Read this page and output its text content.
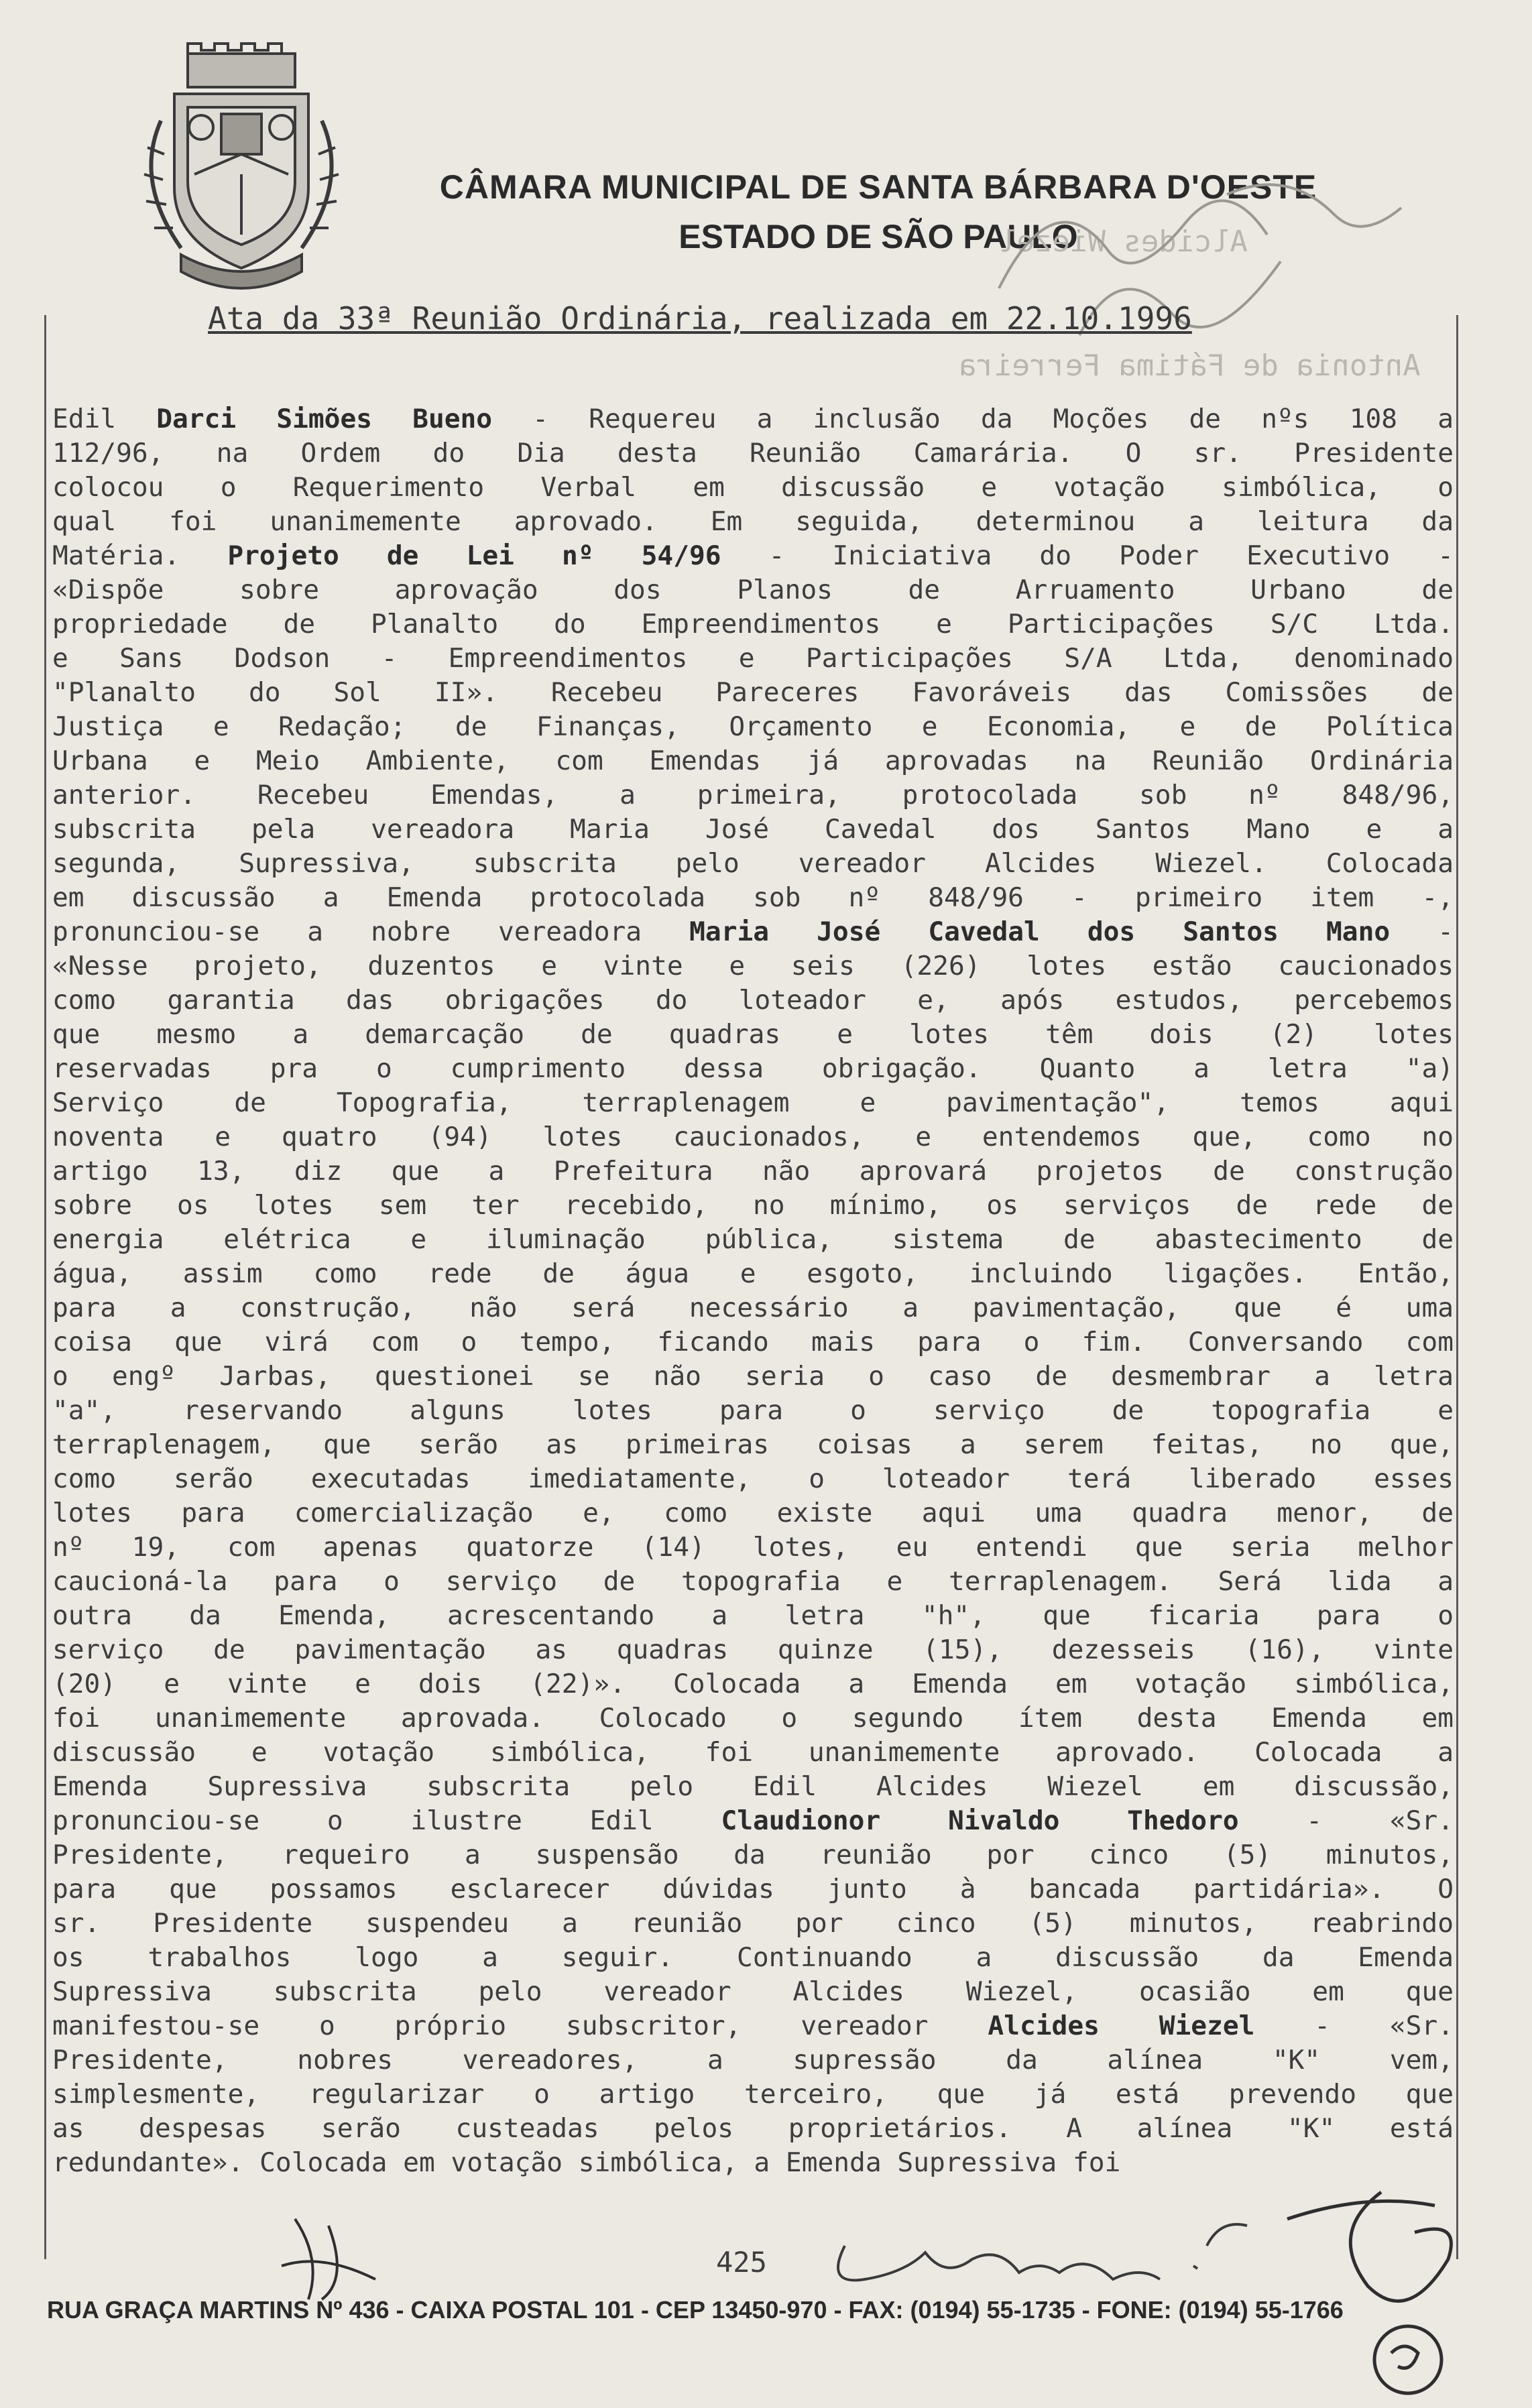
CÂMARA MUNICIPAL DE SANTA BÁRBARA D'OESTE
ESTADO DE SÃO PAULO
Alcides Wiezel
Antonia de Fátima Ferreira
Ata da 33ª Reunião Ordinária, realizada em 22.10.1996
Edil Darci Simões Bueno - Requereu a inclusão da Moções de nºs 108 a
112/96, na Ordem do Dia desta Reunião Camarária. O sr. Presidente
colocou o Requerimento Verbal em discussão e votação simbólica, o
qual foi unanimemente aprovado. Em seguida, determinou a leitura da
Matéria. Projeto de Lei nº 54/96 - Iniciativa do Poder Executivo -
«Dispõe sobre aprovação dos Planos de Arruamento Urbano de
propriedade de Planalto do Empreendimentos e Participações S/C Ltda.
e Sans Dodson - Empreendimentos e Participações S/A Ltda, denominado
"Planalto do Sol II». Recebeu Pareceres Favoráveis das Comissões de
Justiça e Redação; de Finanças, Orçamento e Economia, e de Política
Urbana e Meio Ambiente, com Emendas já aprovadas na Reunião Ordinária
anterior. Recebeu Emendas, a primeira, protocolada sob nº 848/96,
subscrita pela vereadora Maria José Cavedal dos Santos Mano e a
segunda, Supressiva, subscrita pelo vereador Alcides Wiezel. Colocada
em discussão a Emenda protocolada sob nº 848/96 - primeiro item -,
pronunciou-se a nobre vereadora Maria José Cavedal dos Santos Mano -
«Nesse projeto, duzentos e vinte e seis (226) lotes estão caucionados
como garantia das obrigações do loteador e, após estudos, percebemos
que mesmo a demarcação de quadras e lotes têm dois (2) lotes
reservadas pra o cumprimento dessa obrigação. Quanto a letra "a)
Serviço de Topografia, terraplenagem e pavimentação", temos aqui
noventa e quatro (94) lotes caucionados, e entendemos que, como no
artigo 13, diz que a Prefeitura não aprovará projetos de construção
sobre os lotes sem ter recebido, no mínimo, os serviços de rede de
energia elétrica e iluminação pública, sistema de abastecimento de
água, assim como rede de água e esgoto, incluindo ligações. Então,
para a construção, não será necessário a pavimentação, que é uma
coisa que virá com o tempo, ficando mais para o fim. Conversando com
o engº Jarbas, questionei se não seria o caso de desmembrar a letra
"a", reservando alguns lotes para o serviço de topografia e
terraplenagem, que serão as primeiras coisas a serem feitas, no que,
como serão executadas imediatamente, o loteador terá liberado esses
lotes para comercialização e, como existe aqui uma quadra menor, de
nº 19, com apenas quatorze (14) lotes, eu entendi que seria melhor
caucioná-la para o serviço de topografia e terraplenagem. Será lida a
outra da Emenda, acrescentando a letra "h", que ficaria para o
serviço de pavimentação as quadras quinze (15), dezesseis (16), vinte
(20) e vinte e dois (22)». Colocada a Emenda em votação simbólica,
foi unanimemente aprovada. Colocado o segundo ítem desta Emenda em
discussão e votação simbólica, foi unanimemente aprovado. Colocada a
Emenda Supressiva subscrita pelo Edil Alcides Wiezel em discussão,
pronunciou-se o ilustre Edil Claudionor Nivaldo Thedoro - «Sr.
Presidente, requeiro a suspensão da reunião por cinco (5) minutos,
para que possamos esclarecer dúvidas junto à bancada partidária». O
sr. Presidente suspendeu a reunião por cinco (5) minutos, reabrindo
os trabalhos logo a seguir. Continuando a discussão da Emenda
Supressiva subscrita pelo vereador Alcides Wiezel, ocasião em que
manifestou-se o próprio subscritor, vereador Alcides Wiezel - «Sr.
Presidente, nobres vereadores, a supressão da alínea "K" vem,
simplesmente, regularizar o artigo terceiro, que já está prevendo que
as despesas serão custeadas pelos proprietários. A alínea "K" está
redundante». Colocada em votação simbólica, a Emenda Supressiva foi
425
RUA GRAÇA MARTINS Nº 436 - CAIXA POSTAL 101 - CEP 13450-970 - FAX: (0194) 55-1735 - FONE: (0194) 55-1766
